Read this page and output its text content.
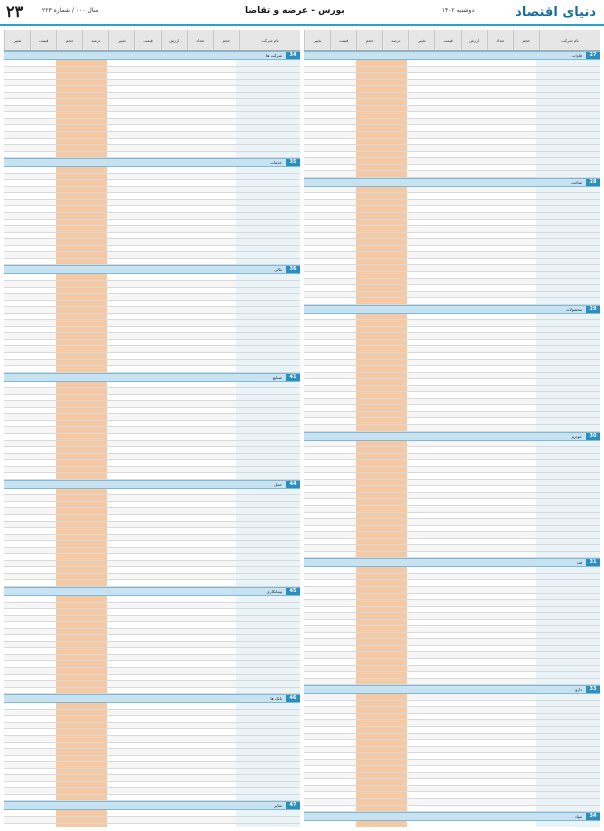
۲۳	سال ۰۰۰ / شماره ۲۲۳	بورس - عرضه و تقاضا	دوشنبه ۱۴۰۲	دنیای اقتصاد
تغییر	قیمت	حجم	درصد	تغییر	قیمت	ارزش	تعداد	حجم	نام شرکت
34
شرکت ها
35
خدمات
36
مالی
41
صنایع
44
حمل
45
پیمانکاری
46
بانک ها
47
سایر
تغییر	قیمت	حجم	درصد	تغییر	قیمت	ارزش	تعداد	حجم	نام شرکت
27
فلزات
28
ساخت
29
محصولات
30
خودرو
31
قند
33
دارو
34
مواد
